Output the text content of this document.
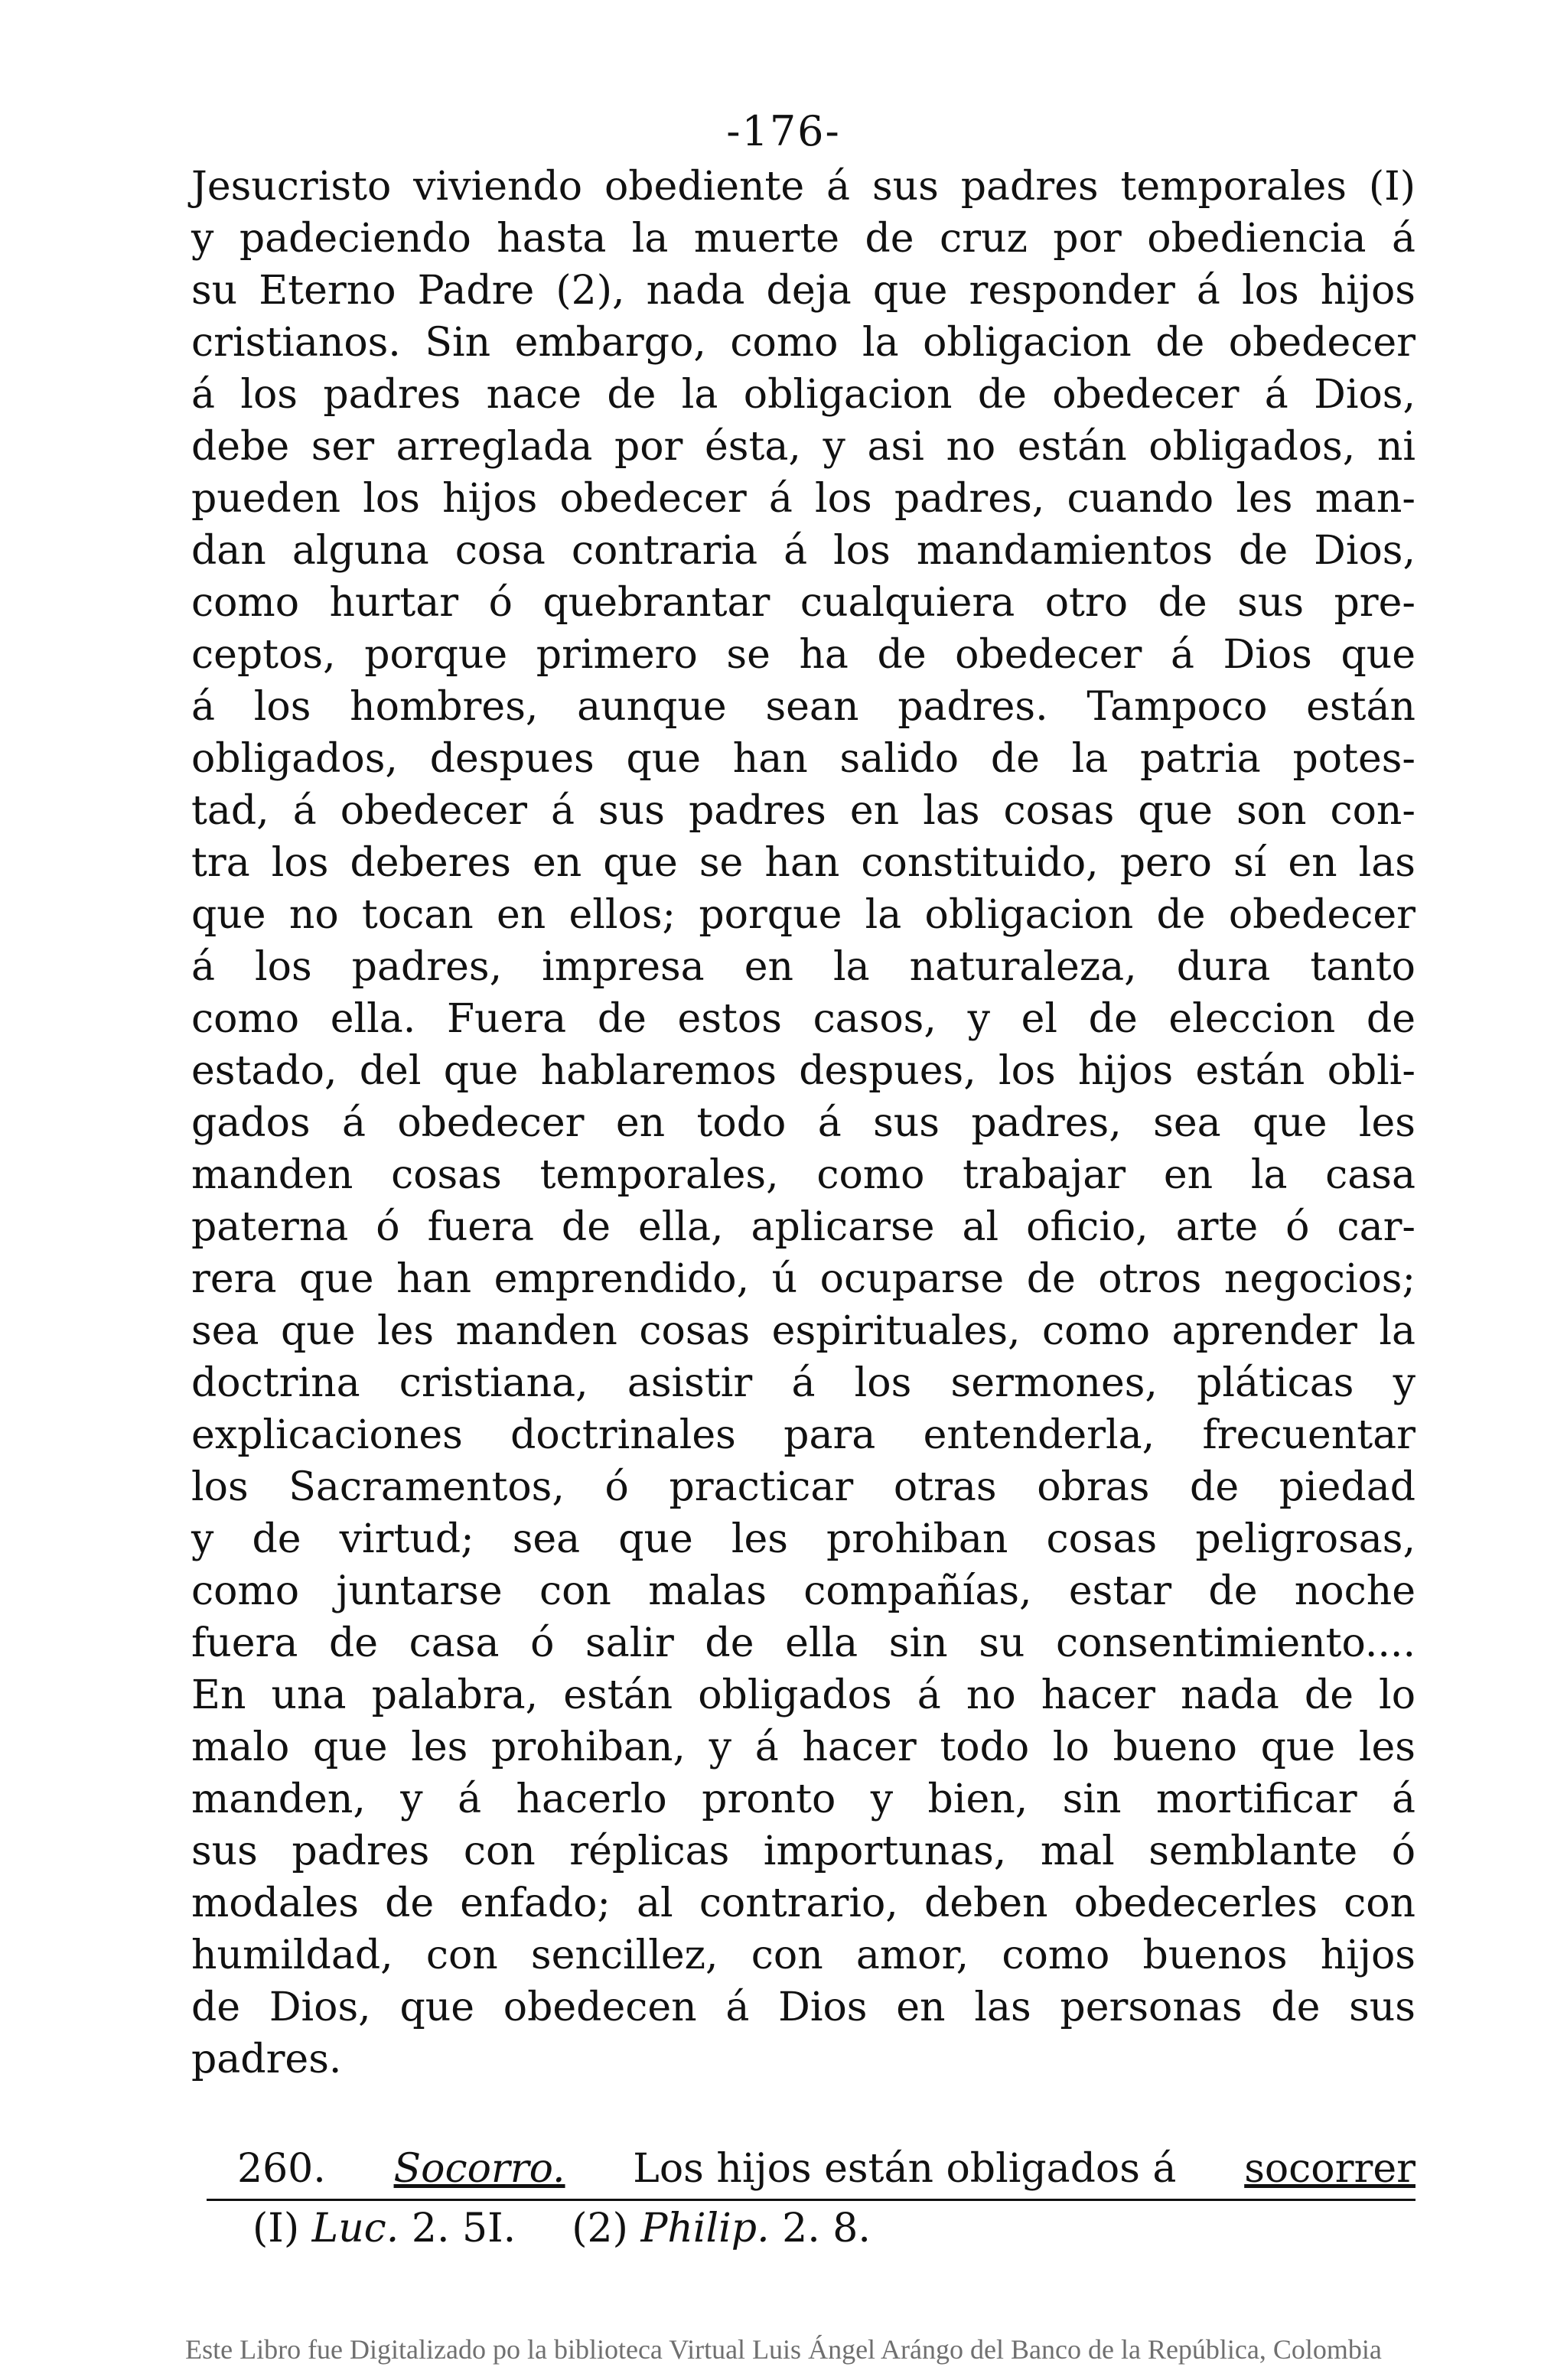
-176-
Jesucristo viviendo obediente á sus padres temporales (I)
y padeciendo hasta la muerte de cruz por obediencia á
su Eterno Padre (2), nada deja que responder á los hijos
cristianos. Sin embargo, como la obligacion de obedecer
á los padres nace de la obligacion de obedecer á Dios,
debe ser arreglada por ésta, y asi no están obligados, ni
pueden los hijos obedecer á los padres, cuando les man-
dan alguna cosa contraria á los mandamientos de Dios,
como hurtar ó quebrantar cualquiera otro de sus pre-
ceptos, porque primero se ha de obedecer á Dios que
á los hombres, aunque sean padres. Tampoco están
obligados, despues que han salido de la patria potes-
tad, á obedecer á sus padres en las cosas que son con-
tra los deberes en que se han constituido, pero sí en las
que no tocan en ellos; porque la obligacion de obedecer
á los padres, impresa en la naturaleza, dura tanto
como ella. Fuera de estos casos, y el de eleccion de
estado, del que hablaremos despues, los hijos están obli-
gados á obedecer en todo á sus padres, sea que les
manden cosas temporales, como trabajar en la casa
paterna ó fuera de ella, aplicarse al oficio, arte ó car-
rera que han emprendido, ú ocuparse de otros negocios;
sea que les manden cosas espirituales, como aprender la
doctrina cristiana, asistir á los sermones, pláticas y
explicaciones doctrinales para entenderla, frecuentar
los Sacramentos, ó practicar otras obras de piedad
y de virtud; sea que les prohiban cosas peligrosas,
como juntarse con malas compañías, estar de noche
fuera de casa ó salir de ella sin su consentimiento....
En una palabra, están obligados á no hacer nada de lo
malo que les prohiban, y á hacer todo lo bueno que les
manden, y á hacerlo pronto y bien, sin mortificar á
sus padres con réplicas importunas, mal semblante ó
modales de enfado; al contrario, deben obedecerles con
humildad, con sencillez, con amor, como buenos hijos
de Dios, que obedecen á Dios en las personas de sus
padres.
260. Socorro. Los hijos están obligados á socorrer
(I) Luc. 2. 5I. (2) Philip. 2. 8.
Este Libro fue Digitalizado po la biblioteca Virtual Luis Ángel Arángo del Banco de la República, Colombia
